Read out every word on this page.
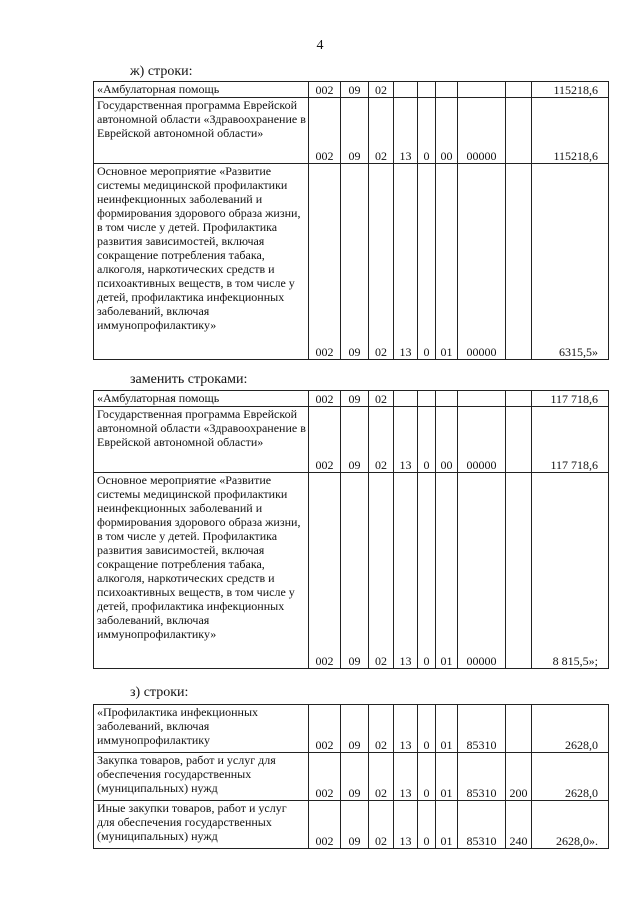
4
ж) строки:
«Амбулаторная помощь	002	09	02						115218,6
Государственная программа Еврейской автономной области «Здравоохранение в Еврейской автономной области»	002	09	02	13	0	00	00000		115218,6
Основное мероприятие «Развитие системы медицинской профилактики неинфекционных заболеваний и формирования здорового образа жизни, в том числе у детей. Профилактика развития зависимостей, включая сокращение потребления табака, алкоголя, наркотических средств и психоактивных веществ, в том числе у детей, профилактика инфекционных заболеваний, включая иммунопрофилактику»	002	09	02	13	0	01	00000		6315,5»
заменить строками:
«Амбулаторная помощь	002	09	02						117 718,6
Государственная программа Еврейской автономной области «Здравоохранение в Еврейской автономной области»	002	09	02	13	0	00	00000		117 718,6
Основное мероприятие «Развитие системы медицинской профилактики неинфекционных заболеваний и формирования здорового образа жизни, в том числе у детей. Профилактика развития зависимостей, включая сокращение потребления табака, алкоголя, наркотических средств и психоактивных веществ, в том числе у детей, профилактика инфекционных заболеваний, включая иммунопрофилактику»	002	09	02	13	0	01	00000		8 815,5»;
з) строки:
«Профилактика инфекционных заболеваний, включая иммунопрофилактику	002	09	02	13	0	01	85310		2628,0
Закупка товаров, работ и услуг для обеспечения государственных (муниципальных) нужд	002	09	02	13	0	01	85310	200	2628,0
Иные закупки товаров, работ и услуг для обеспечения государственных (муниципальных) нужд	002	09	02	13	0	01	85310	240	2628,0».
